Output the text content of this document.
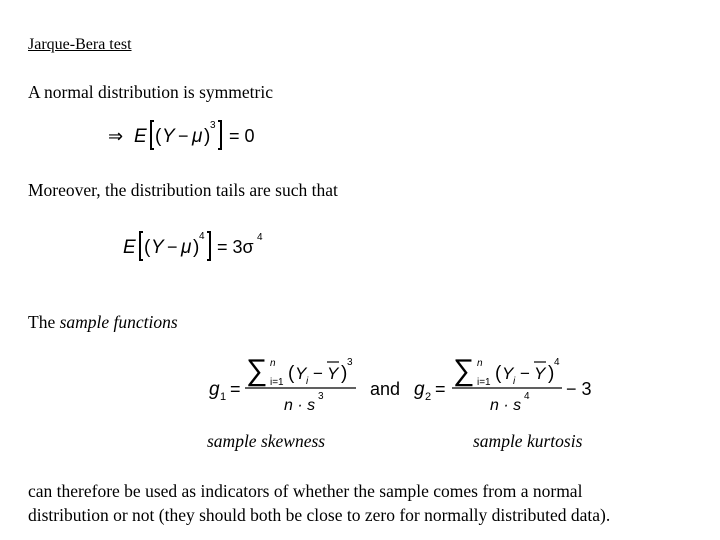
Jarque-Bera test
A normal distribution is symmetric
Moreover, the distribution tails are such that
The sample functions
⇒ E ( Y − μ )
3
= 0
E ( Y − μ )
4
= 3σ 4
g 1 =
∑ n
i=1 ( Y i − Y )
3
n · s
3	and g 2 =
∑ n
i=1 ( Y i − Y )
4
n · s
4 − 3
sample skewness	sample kurtosis
can therefore be used as indicators of whether the sample comes from a normal
distribution or not (they should both be close to zero for normally distributed data).
